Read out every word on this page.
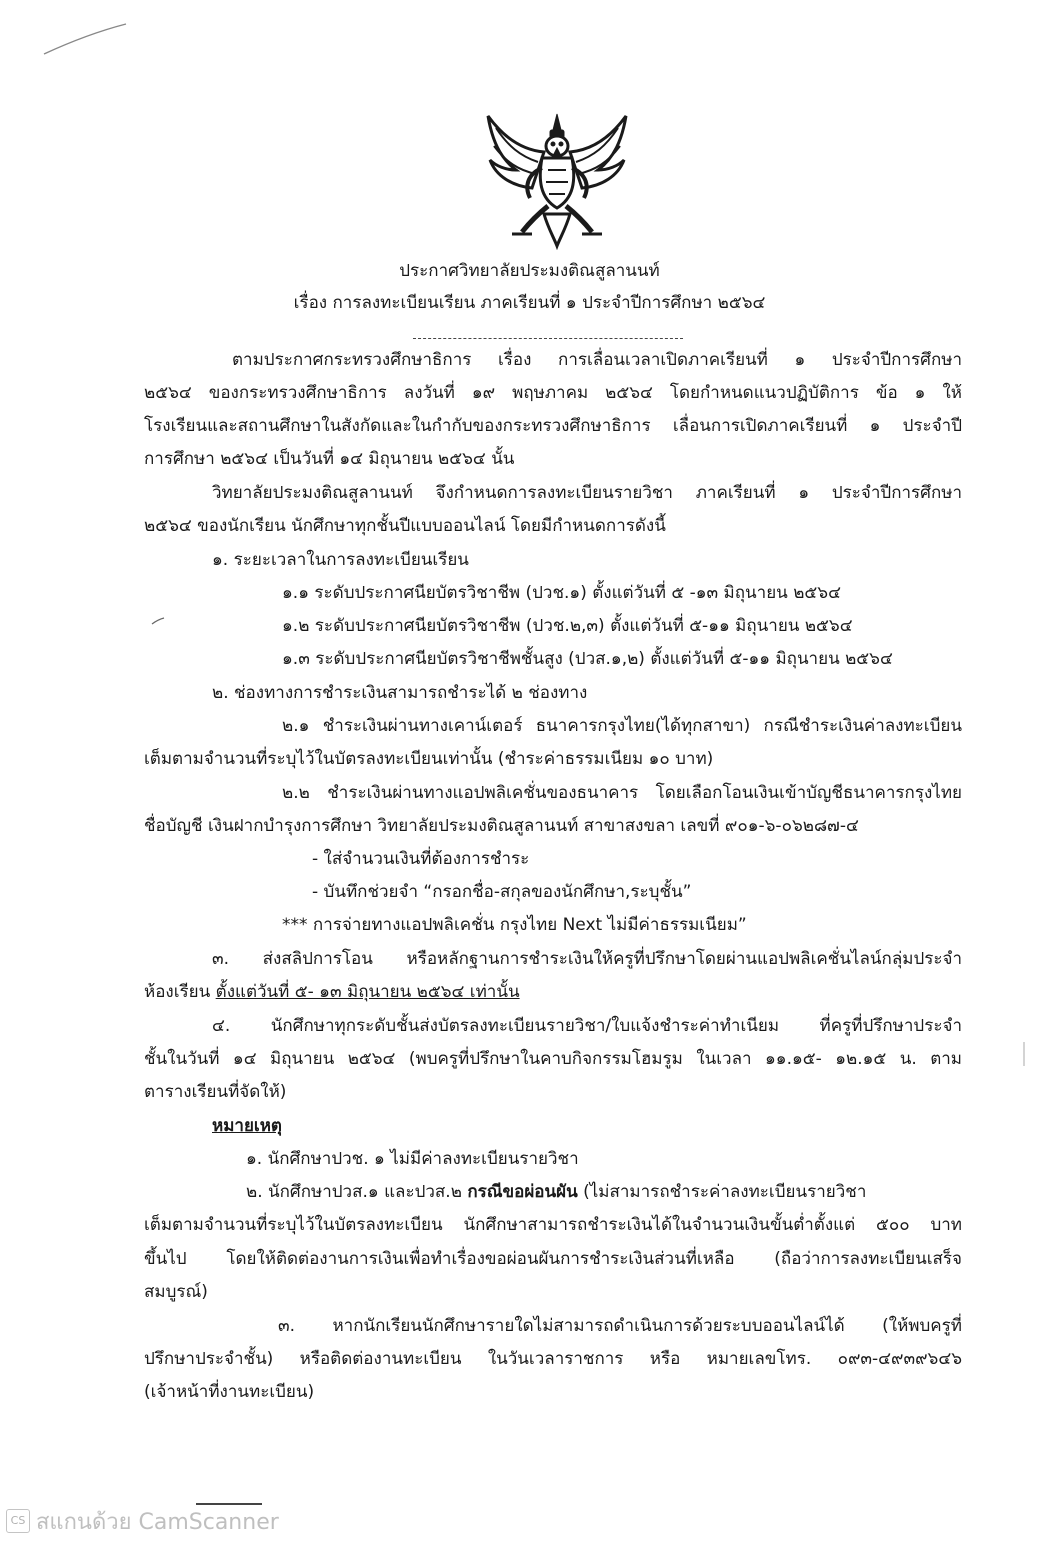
ประกาศวิทยาลัยประมงติณสูลานนท์
เรื่อง การลงทะเบียนเรียน ภาคเรียนที่ ๑ ประจำปีการศึกษา ๒๕๖๔
ตามประกาศกระทรวงศึกษาธิการ เรื่อง การเลื่อนเวลาเปิดภาคเรียนที่ ๑ ประจำปีการศึกษา
๒๕๖๔ ของกระทรวงศึกษาธิการ ลงวันที่ ๑๙ พฤษภาคม ๒๕๖๔ โดยกำหนดแนวปฏิบัติการ ข้อ ๑ ให้
โรงเรียนและสถานศึกษาในสังกัดและในกำกับของกระทรวงศึกษาธิการ เลื่อนการเปิดภาคเรียนที่ ๑ ประจำปี
การศึกษา ๒๕๖๔ เป็นวันที่ ๑๔ มิถุนายน ๒๕๖๔ นั้น
วิทยาลัยประมงติณสูลานนท์ จึงกำหนดการลงทะเบียนรายวิชา ภาคเรียนที่ ๑ ประจำปีการศึกษา
๒๕๖๔ ของนักเรียน นักศึกษาทุกชั้นปีแบบออนไลน์ โดยมีกำหนดการดังนี้
๑. ระยะเวลาในการลงทะเบียนเรียน
๑.๑ ระดับประกาศนียบัตรวิชาชีพ (ปวช.๑) ตั้งแต่วันที่ ๕ -๑๓ มิถุนายน ๒๕๖๔
๑.๒ ระดับประกาศนียบัตรวิชาชีพ (ปวช.๒,๓) ตั้งแต่วันที่ ๕-๑๑ มิถุนายน ๒๕๖๔
๑.๓ ระดับประกาศนียบัตรวิชาชีพชั้นสูง (ปวส.๑,๒) ตั้งแต่วันที่ ๕-๑๑ มิถุนายน ๒๕๖๔
๒. ช่องทางการชำระเงินสามารถชำระได้ ๒ ช่องทาง
๒.๑ ชำระเงินผ่านทางเคาน์เตอร์ ธนาคารกรุงไทย(ได้ทุกสาขา) กรณีชำระเงินค่าลงทะเบียน
เต็มตามจำนวนที่ระบุไว้ในบัตรลงทะเบียนเท่านั้น (ชำระค่าธรรมเนียม ๑๐ บาท)
๒.๒ ชำระเงินผ่านทางแอปพลิเคชั่นของธนาคาร โดยเลือกโอนเงินเข้าบัญชีธนาคารกรุงไทย
ชื่อบัญชี เงินฝากบำรุงการศึกษา วิทยาลัยประมงติณสูลานนท์ สาขาสงขลา เลขที่ ๙๐๑-๖-๐๖๒๘๗-๔
- ใส่จำนวนเงินที่ต้องการชำระ
- บันทึกช่วยจำ “กรอกชื่อ-สกุลของนักศึกษา,ระบุชั้น”
*** การจ่ายทางแอปพลิเคชั่น กรุงไทย Next ไม่มีค่าธรรมเนียม”
๓. ส่งสลิปการโอน หรือหลักฐานการชำระเงินให้ครูที่ปรึกษาโดยผ่านแอปพลิเคชั่นไลน์กลุ่มประจำ
ห้องเรียน ตั้งแต่วันที่ ๕- ๑๓ มิถุนายน ๒๕๖๔ เท่านั้น
๔. นักศึกษาทุกระดับชั้นส่งบัตรลงทะเบียนรายวิชา/ใบแจ้งชำระค่าทำเนียม ที่ครูที่ปรึกษาประจำ
ชั้นในวันที่ ๑๔ มิถุนายน ๒๕๖๔ (พบครูที่ปรึกษาในคาบกิจกรรมโฮมรูม ในเวลา ๑๑.๑๕- ๑๒.๑๕ น. ตาม
ตารางเรียนที่จัดให้)
หมายเหตุ
๑. นักศึกษาปวช. ๑ ไม่มีค่าลงทะเบียนรายวิชา
๒. นักศึกษาปวส.๑ และปวส.๒ กรณีขอผ่อนผัน (ไม่สามารถชำระค่าลงทะเบียนรายวิชา
เต็มตามจำนวนที่ระบุไว้ในบัตรลงทะเบียน นักศึกษาสามารถชำระเงินได้ในจำนวนเงินขั้นต่ำตั้งแต่ ๕๐๐ บาท
ขึ้นไป โดยให้ติดต่องานการเงินเพื่อทำเรื่องขอผ่อนผันการชำระเงินส่วนที่เหลือ (ถือว่าการลงทะเบียนเสร็จ
สมบูรณ์)
๓. หากนักเรียนนักศึกษารายใดไม่สามารถดำเนินการด้วยระบบออนไลน์ได้ (ให้พบครูที่
ปรึกษาประจำชั้น) หรือติดต่องานทะเบียน ในวันเวลาราชการ หรือ หมายเลขโทร. ๐๙๓-๔๙๓๙๖๔๖
(เจ้าหน้าที่งานทะเบียน)
CS สแกนด้วย CamScanner
